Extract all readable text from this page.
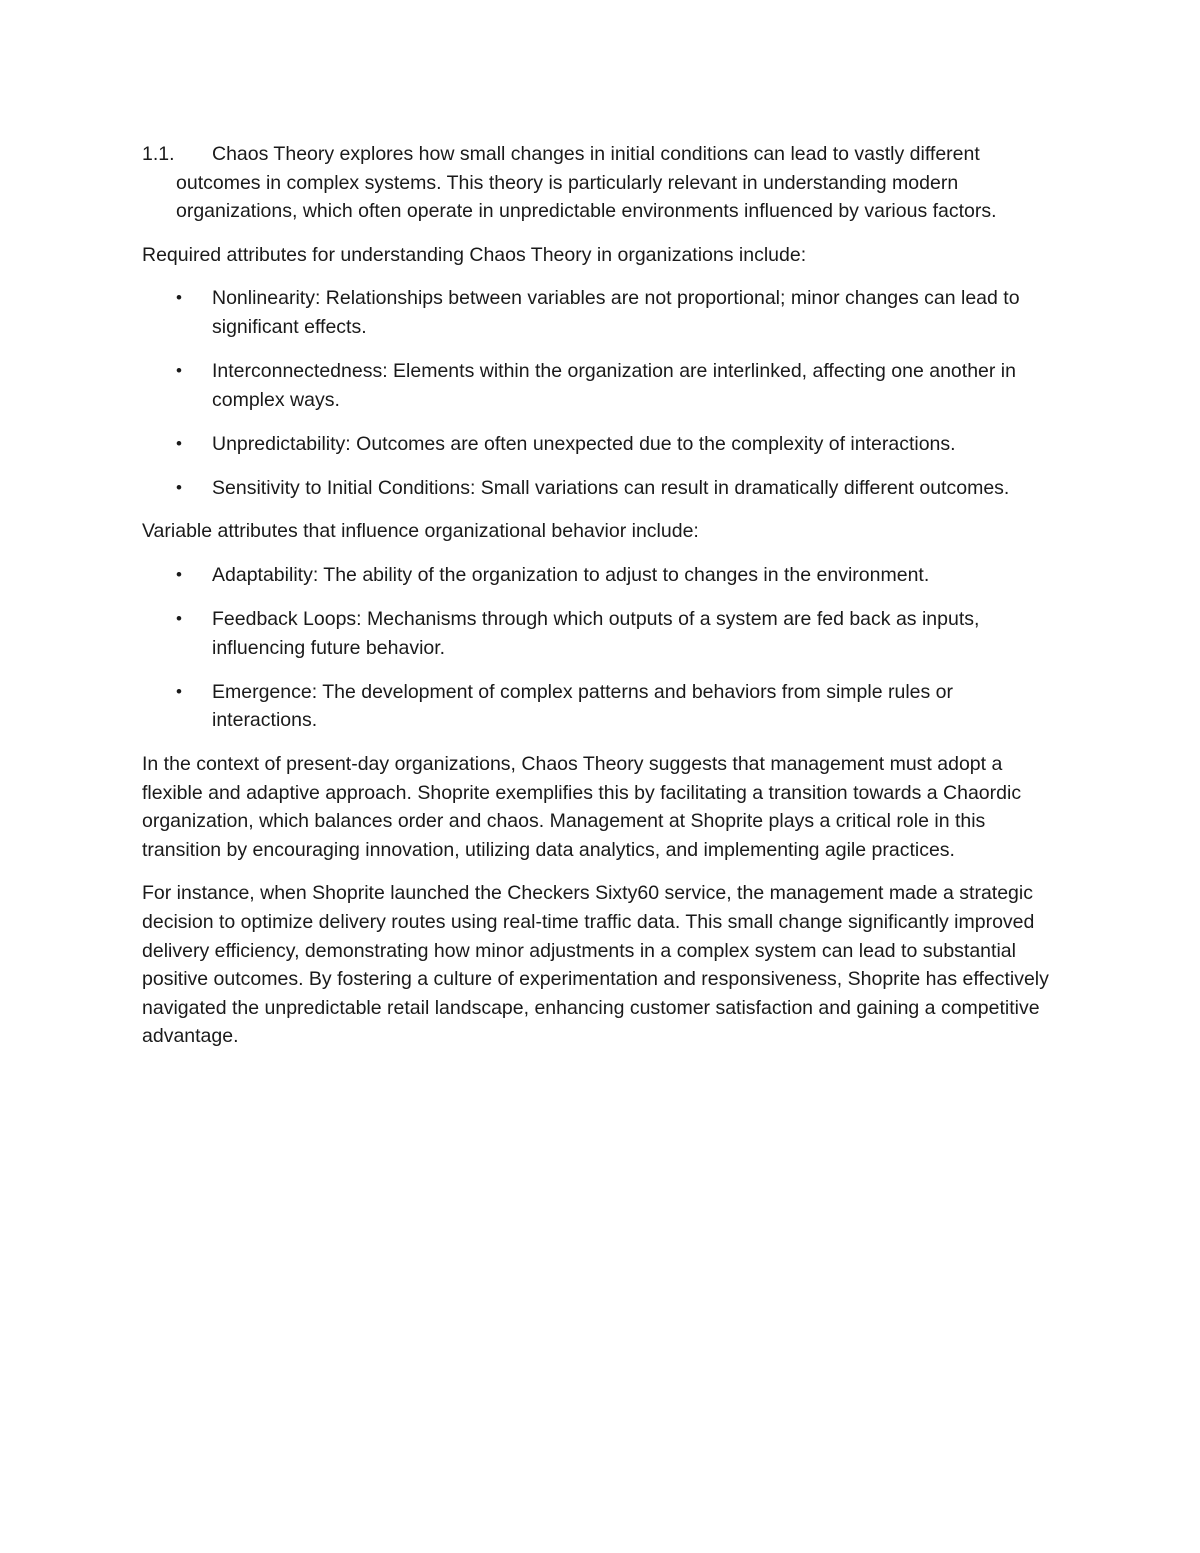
1.1. Chaos Theory explores how small changes in initial conditions can lead to vastly different outcomes in complex systems. This theory is particularly relevant in understanding modern organizations, which often operate in unpredictable environments influenced by various factors.

Required attributes for understanding Chaos Theory in organizations include:

• Nonlinearity: Relationships between variables are not proportional; minor changes can lead to significant effects.
• Interconnectedness: Elements within the organization are interlinked, affecting one another in complex ways.
• Unpredictability: Outcomes are often unexpected due to the complexity of interactions.
• Sensitivity to Initial Conditions: Small variations can result in dramatically different outcomes.

Variable attributes that influence organizational behavior include:

• Adaptability: The ability of the organization to adjust to changes in the environment.
• Feedback Loops: Mechanisms through which outputs of a system are fed back as inputs, influencing future behavior.
• Emergence: The development of complex patterns and behaviors from simple rules or interactions.

In the context of present-day organizations, Chaos Theory suggests that management must adopt a flexible and adaptive approach. Shoprite exemplifies this by facilitating a transition towards a Chaordic organization, which balances order and chaos. Management at Shoprite plays a critical role in this transition by encouraging innovation, utilizing data analytics, and implementing agile practices.

For instance, when Shoprite launched the Checkers Sixty60 service, the management made a strategic decision to optimize delivery routes using real-time traffic data. This small change significantly improved delivery efficiency, demonstrating how minor adjustments in a complex system can lead to substantial positive outcomes. By fostering a culture of experimentation and responsiveness, Shoprite has effectively navigated the unpredictable retail landscape, enhancing customer satisfaction and gaining a competitive advantage.
